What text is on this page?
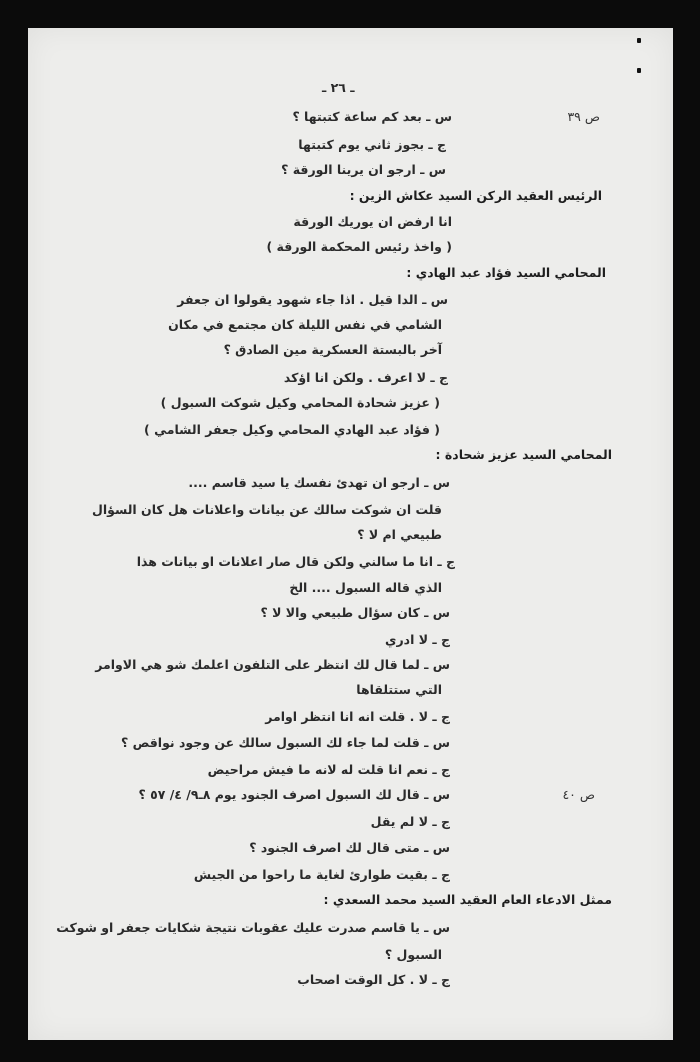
ـ ٢٦ ـ
ص ٣٩
س ـ بعد كم ساعة كتبتها ؟
ج ـ بجوز ثاني يوم كتبتها
س ـ ارجو ان يرينا الورقة ؟
الرئيس العقيد الركن السيد عكاش الزين :
انا ارفض ان يوريك الورقة
( واخذ رئيس المحكمة الورقة )
المحامي السيد فؤاد عبد الهادي :
س ـ الدا قيل . اذا جاء شهود يقولوا ان جعفر
الشامي في نفس الليلة كان مجتمع في مكان
آخر بالبستة العسكرية مين الصادق ؟
ج ـ لا اعرف . ولكن انا اؤكد
( عزيز شحادة المحامي وكيل شوكت السبول )
( فؤاد عبد الهادي المحامي وكيل جعفر الشامي )
المحامي السيد عزيز شحادة :
س ـ ارجو ان تهدئ نفسك يا سيد قاسم ....
قلت ان شوكت سالك عن بيانات واعلانات هل كان السؤال
طبيعي ام لا ؟
ج ـ انا ما سالني ولكن قال صار اعلانات او بيانات هذا
الذي قاله السبول .... الخ
س ـ كان سؤال طبيعي والا لا ؟
ج ـ لا ادري
س ـ لما قال لك انتظر على التلفون اعلمك شو هي الاوامر
التي ستتلقاها
ج ـ لا . قلت انه انا انتظر اوامر
س ـ قلت لما جاء لك السبول سالك عن وجود نواقص ؟
ج ـ نعم انا قلت له لانه ما فيش مراحيض
ص ٤٠
س ـ قال لك السبول اصرف الجنود يوم ٨ـ٩/ ٤/ ٥٧ ؟
ج ـ لا لم يقل
س ـ متى قال لك اصرف الجنود ؟
ج ـ بقيت طوارئ لغاية ما راحوا من الجيش
ممثل الادعاء العام العقيد السيد محمد السعدي :
س ـ يا قاسم صدرت عليك عقوبات نتيجة شكايات جعفر او شوكت
السبول ؟
ج ـ لا . كل الوقت اصحاب
